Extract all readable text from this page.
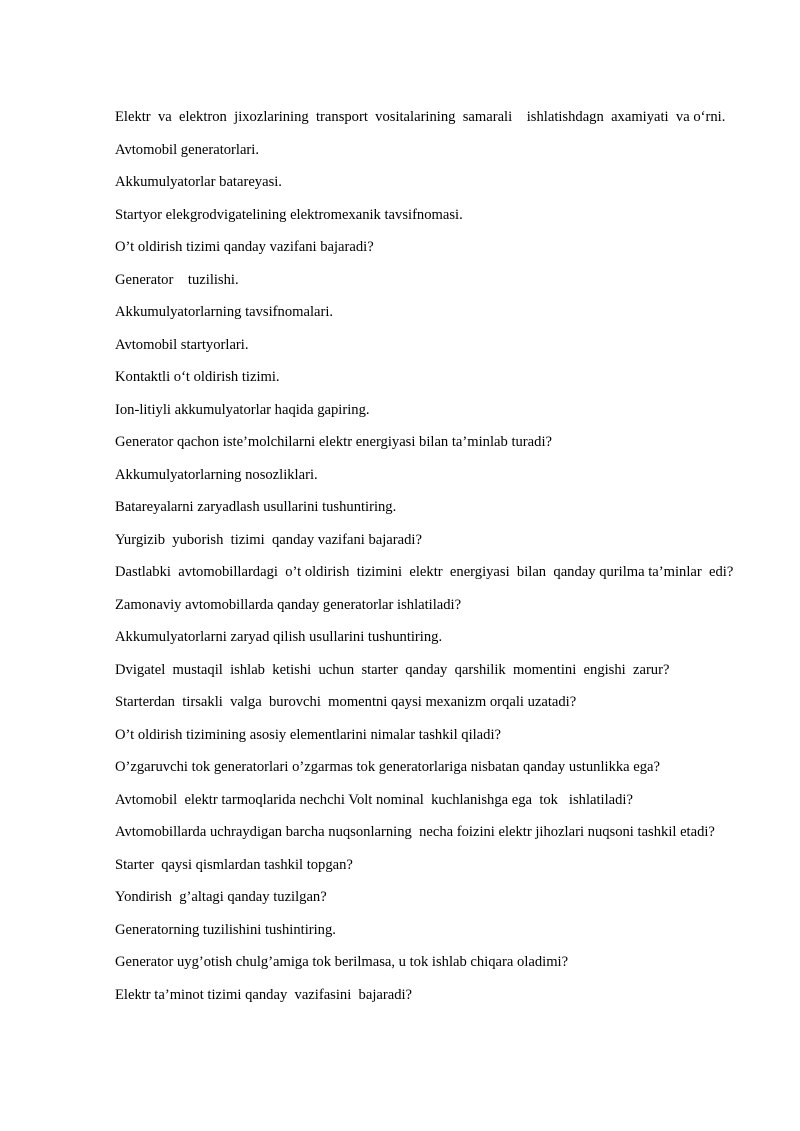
Elektr  va  elektron  jixozlarining  transport  vositalarining  samarali    ishlatishdagn  axamiyati  va o‘rni.

Avtomobil generatorlari.

Akkumulyatorlar batareyasi.

Startyor elekgrodvigatelining elektromexanik tavsifnomasi.

O’t oldirish tizimi qanday vazifani bajaradi?

Generator    tuzilishi.

Akkumulyatorlarning tavsifnomalari.

Avtomobil startyorlari.

Kontaktli o‘t oldirish tizimi.

Ion-litiyli akkumulyatorlar haqida gapiring.

Generator qachon iste’molchilarni elektr energiyasi bilan ta’minlab turadi?

Akkumulyatorlarning nosozliklari.

Batareyalarni zaryadlash usullarini tushuntiring.

Yurgizib  yuborish  tizimi  qanday vazifani bajaradi?

Dastlabki  avtomobillardagi  o’t oldirish  tizimini  elektr  energiyasi  bilan  qanday qurilma ta’minlar  edi?

Zamonaviy avtomobillarda qanday generatorlar ishlatiladi?

Akkumulyatorlarni zaryad qilish usullarini tushuntiring.

Dvigatel  mustaqil  ishlab  ketishi  uchun  starter  qanday  qarshilik  momentini  engishi  zarur?

Starterdan  tirsakli  valga  burovchi  momentni qaysi mexanizm orqali uzatadi?

O’t oldirish tizimining asosiy elementlarini nimalar tashkil qiladi?

O’zgaruvchi tok generatorlari o’zgarmas tok generatorlariga nisbatan qanday ustunlikka ega?

Avtomobil  elektr tarmoqlarida nechchi Volt nominal  kuchlanishga ega  tok   ishlatiladi?

Avtomobillarda uchraydigan barcha nuqsonlarning  necha foizini elektr jihozlari nuqsoni tashkil etadi?

Starter  qaysi qismlardan tashkil topgan?

Yondirish  g’altagi qanday tuzilgan?

Generatorning tuzilishini tushintiring.

Generator uyg’otish chulg’amiga tok berilmasa, u tok ishlab chiqara oladimi?

Elektr ta’minot tizimi qanday  vazifasini  bajaradi?
